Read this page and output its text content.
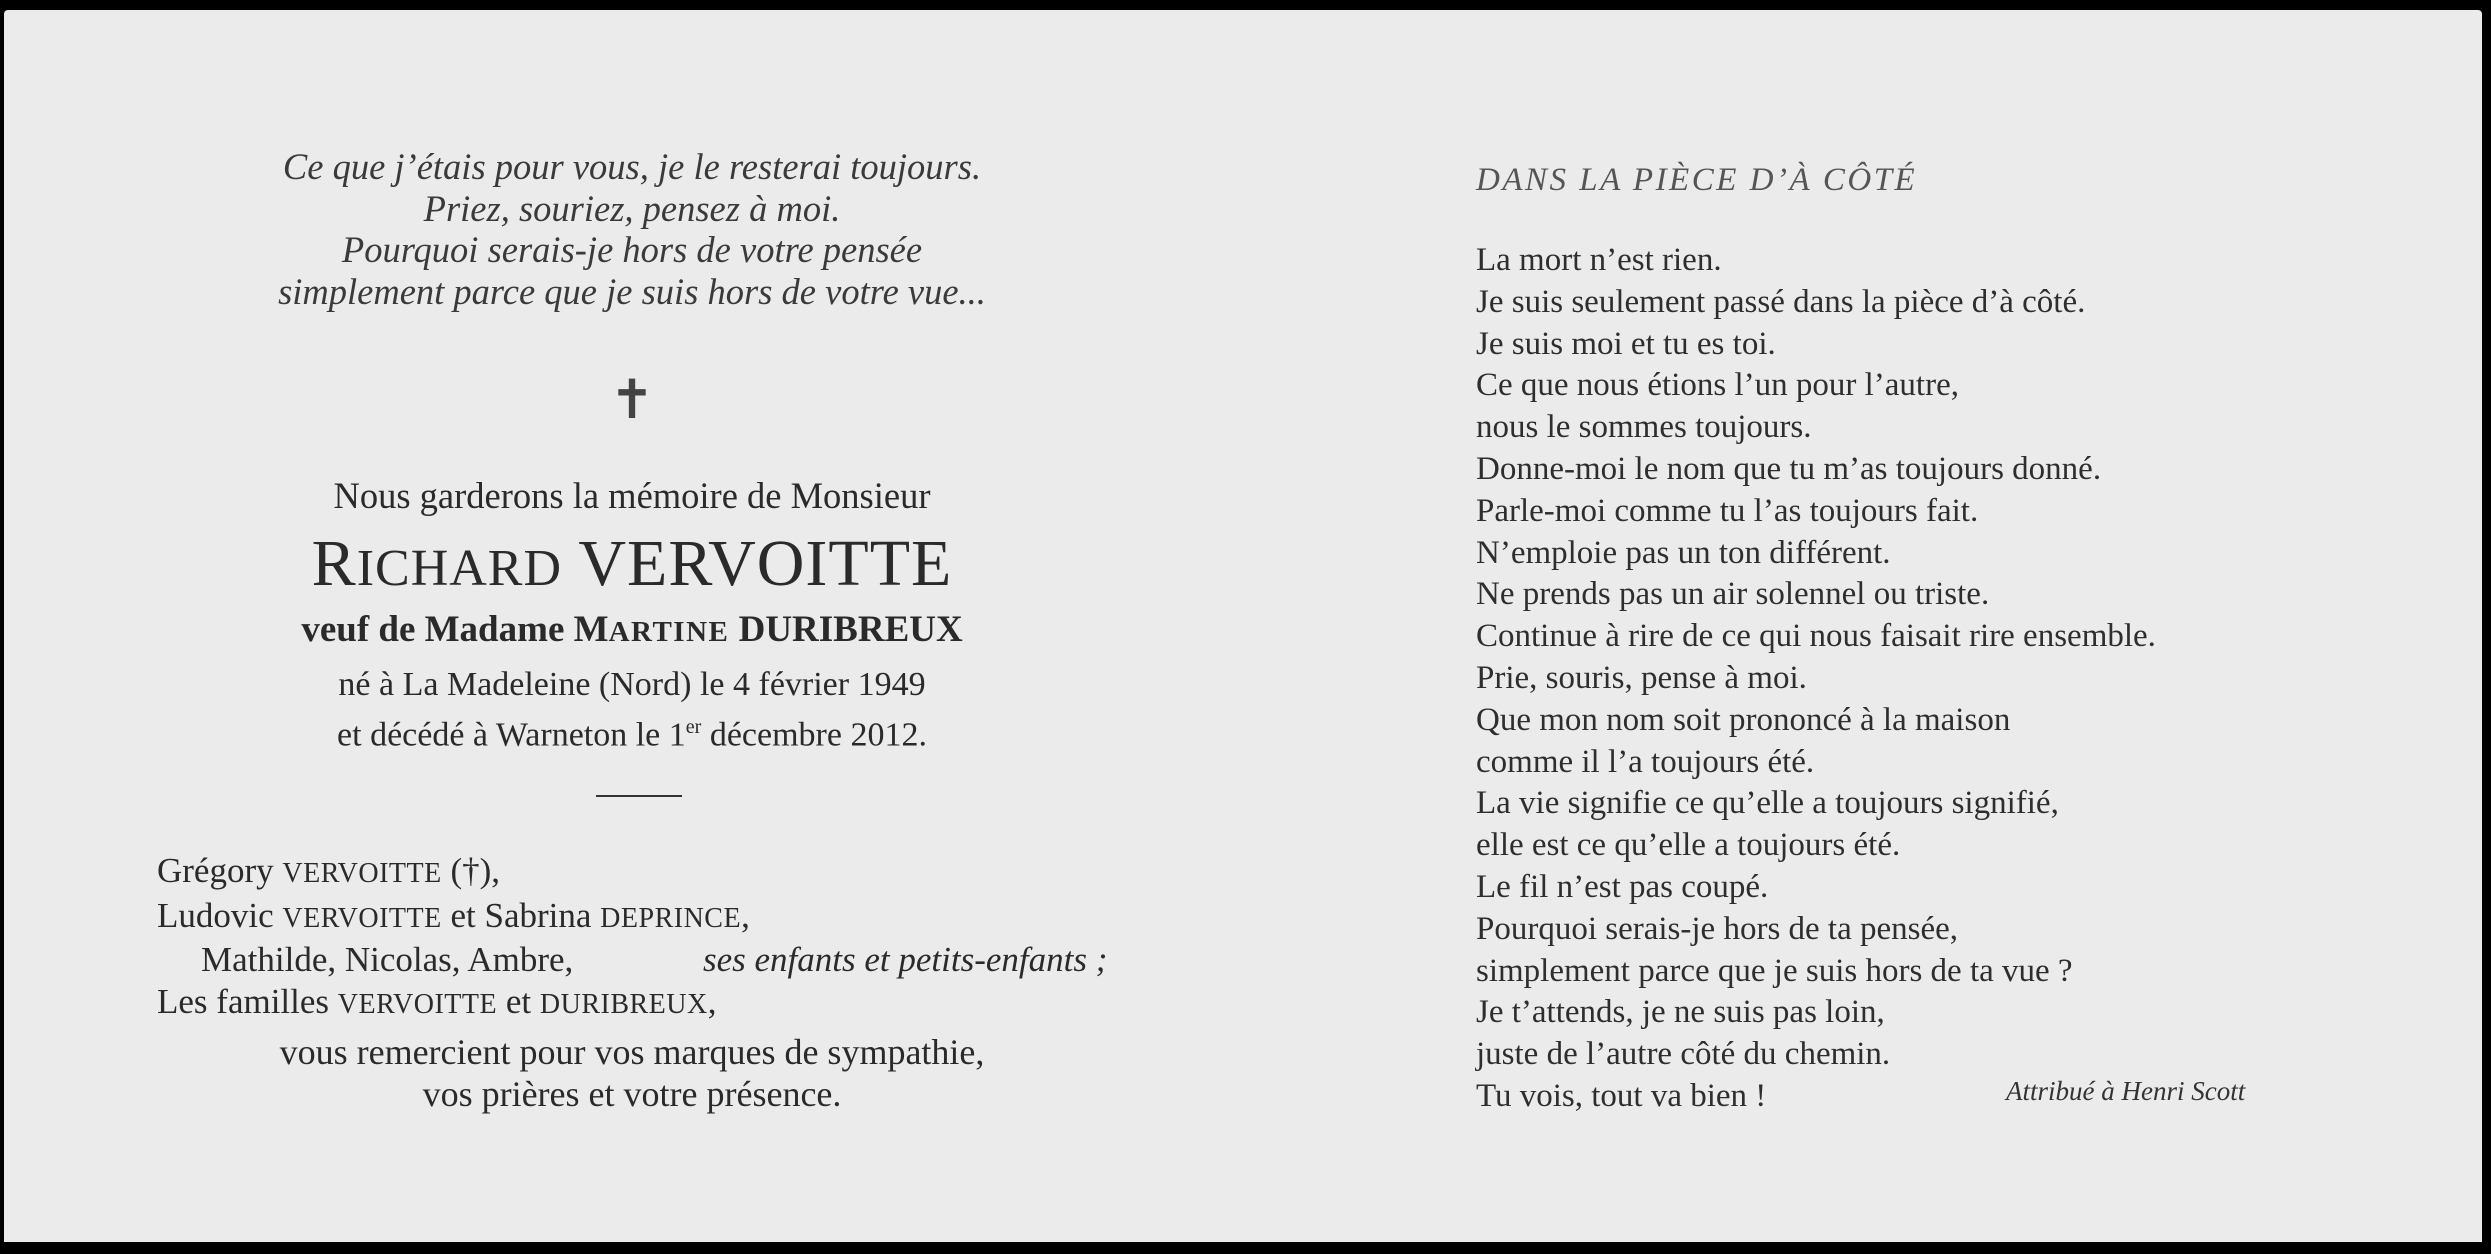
Ce que j’étais pour vous, je le resterai toujours.
Priez, souriez, pensez à moi.
Pourquoi serais-je hors de votre pensée
simplement parce que je suis hors de votre vue...
✝
Nous garderons la mémoire de Monsieur
RICHARD VERVOITTE
veuf de Madame MARTINE DURIBREUX
né à La Madeleine (Nord) le 4 février 1949
et décédé à Warneton le 1er décembre 2012.
Grégory VERVOITTE (†),
Ludovic VERVOITTE et Sabrina DEPRINCE,
Mathilde, Nicolas, Ambre,	ses enfants et petits-enfants ;
Les familles VERVOITTE et DURIBREUX,
vous remercient pour vos marques de sympathie,
vos prières et votre présence.
DANS LA PIÈCE D’À CÔTÉ
La mort n’est rien.
Je suis seulement passé dans la pièce d’à côté.
Je suis moi et tu es toi.
Ce que nous étions l’un pour l’autre,
nous le sommes toujours.
Donne-moi le nom que tu m’as toujours donné.
Parle-moi comme tu l’as toujours fait.
N’emploie pas un ton différent.
Ne prends pas un air solennel ou triste.
Continue à rire de ce qui nous faisait rire ensemble.
Prie, souris, pense à moi.
Que mon nom soit prononcé à la maison
comme il l’a toujours été.
La vie signifie ce qu’elle a toujours signifié,
elle est ce qu’elle a toujours été.
Le fil n’est pas coupé.
Pourquoi serais-je hors de ta pensée,
simplement parce que je suis hors de ta vue ?
Je t’attends, je ne suis pas loin,
juste de l’autre côté du chemin.
Tu vois, tout va bien !	Attribué à Henri Scott
